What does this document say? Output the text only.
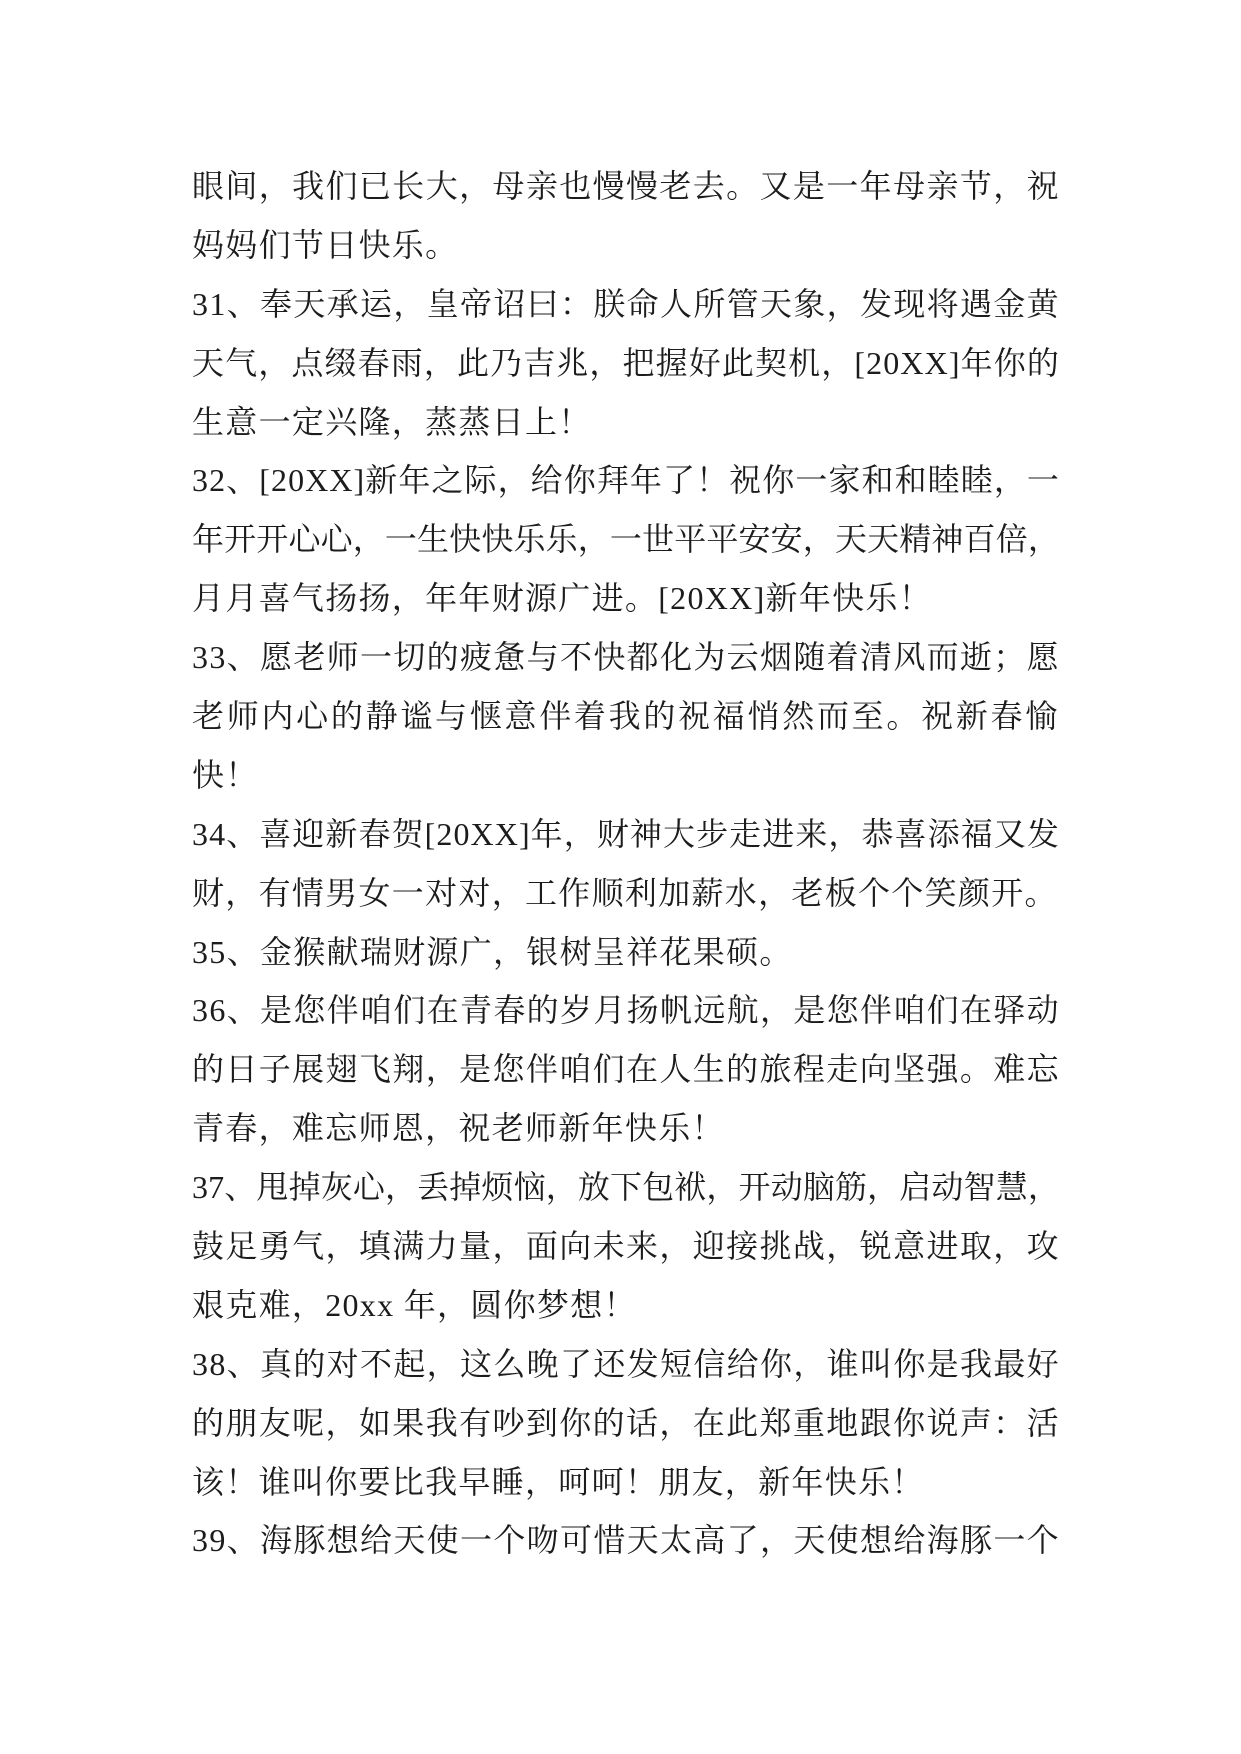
眼间，我们已长大，母亲也慢慢老去。又是一年母亲节，祝
妈妈们节日快乐。
31、奉天承运，皇帝诏曰：朕命人所管天象，发现将遇金黄
天气，点缀春雨，此乃吉兆，把握好此契机，[20XX]年你的
生意一定兴隆，蒸蒸日上！
32、[20XX]新年之际，给你拜年了！祝你一家和和睦睦，一
年开开心心，一生快快乐乐，一世平平安安，天天精神百倍，
月月喜气扬扬，年年财源广进。[20XX]新年快乐！
33、愿老师一切的疲惫与不快都化为云烟随着清风而逝；愿
老师内心的静谧与惬意伴着我的祝福悄然而至。祝新春愉
快！
34、喜迎新春贺[20XX]年，财神大步走进来，恭喜添福又发
财，有情男女一对对，工作顺利加薪水，老板个个笑颜开。
35、金猴献瑞财源广，银树呈祥花果硕。
36、是您伴咱们在青春的岁月扬帆远航，是您伴咱们在驿动
的日子展翅飞翔，是您伴咱们在人生的旅程走向坚强。难忘
青春，难忘师恩，祝老师新年快乐！
37、甩掉灰心，丢掉烦恼，放下包袱，开动脑筋，启动智慧，
鼓足勇气，填满力量，面向未来，迎接挑战，锐意进取，攻
艰克难，20xx 年，圆你梦想！
38、真的对不起，这么晚了还发短信给你，谁叫你是我最好
的朋友呢，如果我有吵到你的话，在此郑重地跟你说声：活
该！谁叫你要比我早睡，呵呵！朋友，新年快乐！
39、海豚想给天使一个吻可惜天太高了，天使想给海豚一个
